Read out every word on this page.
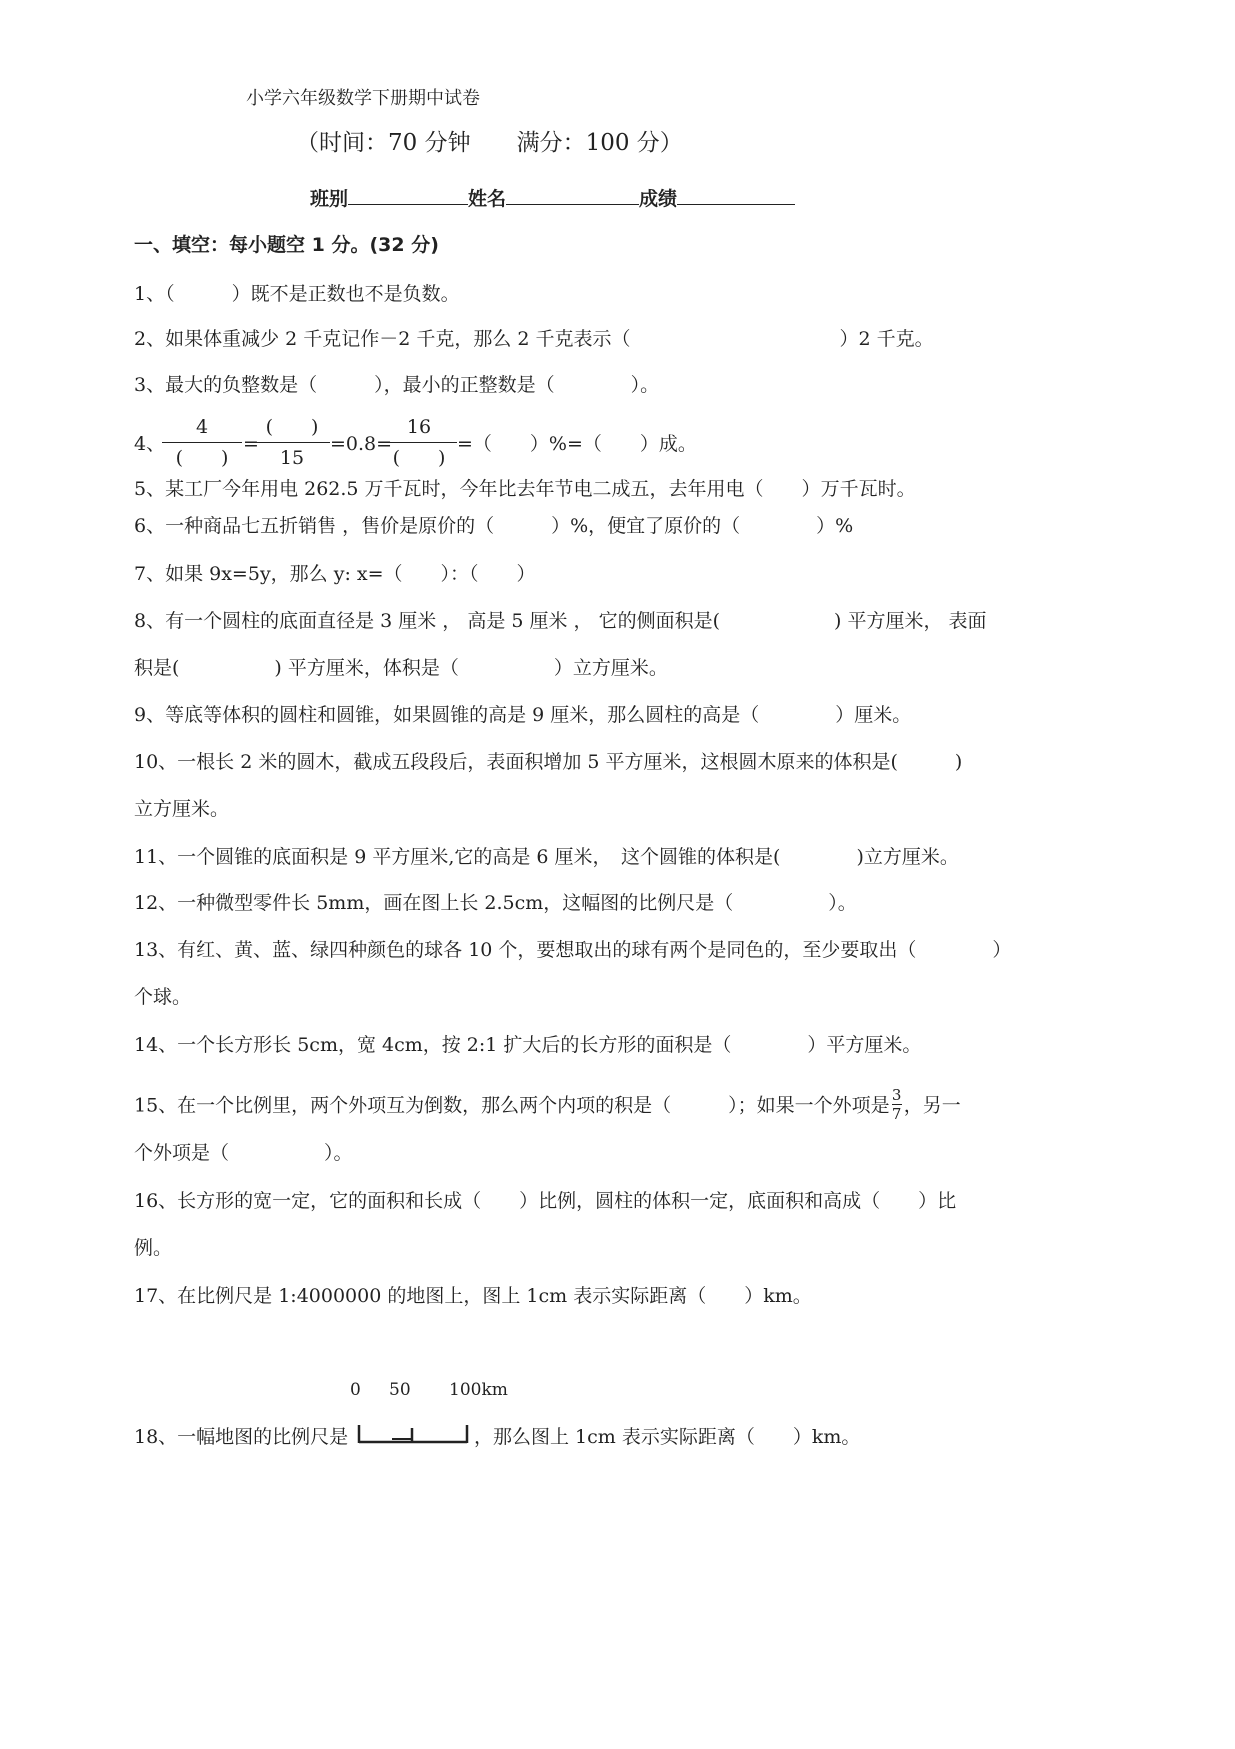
小学六年级数学下册期中试卷
（时间：70 分钟　　满分：100 分）
班别	姓名	成绩
一、填空：每小题空 1 分。(32 分)
1、（　　　）既不是正数也不是负数。
2、如果体重减少 2 千克记作－2 千克，那么 2 千克表示（　　　　　　　　　　　）2 千克。
3、最大的负整数是（　　　），最小的正整数是（　　　　）。
4、
4
(　　)
=
(　　)
15
=0.8=
16
(　　)
=（　　）%=（　　）成。
5、某工厂今年用电 262.5 万千瓦时，今年比去年节电二成五，去年用电（　　）万千瓦时。
6、一种商品七五折销售 ，售价是原价的（　　　）%，便宜了原价的（　　　　）%
7、如果 9x=5y，那么 y: x=（　　）：（　　）
8、有一个圆柱的底面直径是 3 厘米 ， 高是 5 厘米 ， 它的侧面积是(　　　　　　) 平方厘米， 表面
积是(　　　　　) 平方厘米，体积是（　　　　　）立方厘米。
9、等底等体积的圆柱和圆锥，如果圆锥的高是 9 厘米，那么圆柱的高是（　　　　）厘米。
10、一根长 2 米的圆木，截成五段段后，表面积增加 5 平方厘米，这根圆木原来的体积是(　　　)
立方厘米。
11、一个圆锥的底面积是 9 平方厘米,它的高是 6 厘米，　这个圆锥的体积是(　　　　)立方厘米。
12、一种微型零件长 5mm，画在图上长 2.5cm，这幅图的比例尺是（　　　　　）。
13、有红、黄、蓝、绿四种颜色的球各 10 个，要想取出的球有两个是同色的，至少要取出（　　　　）
个球。
14、一个长方形长 5cm，宽 4cm，按 2:1 扩大后的长方形的面积是（　　　　）平方厘米。
15、在一个比例里，两个外项互为倒数，那么两个内项的积是（　　　）；如果一个外项是 $\frac{3}{7}$ ，另一
个外项是（　　　　　）。
16、长方形的宽一定，它的面积和长成（　　）比例，圆柱的体积一定，底面积和高成（　　）比
例。
17、在比例尺是 1:4000000 的地图上，图上 1cm 表示实际距离（　　）km。
0 50 100km
18、一幅地图的比例尺是	，那么图上 1cm 表示实际距离（　　）km。
